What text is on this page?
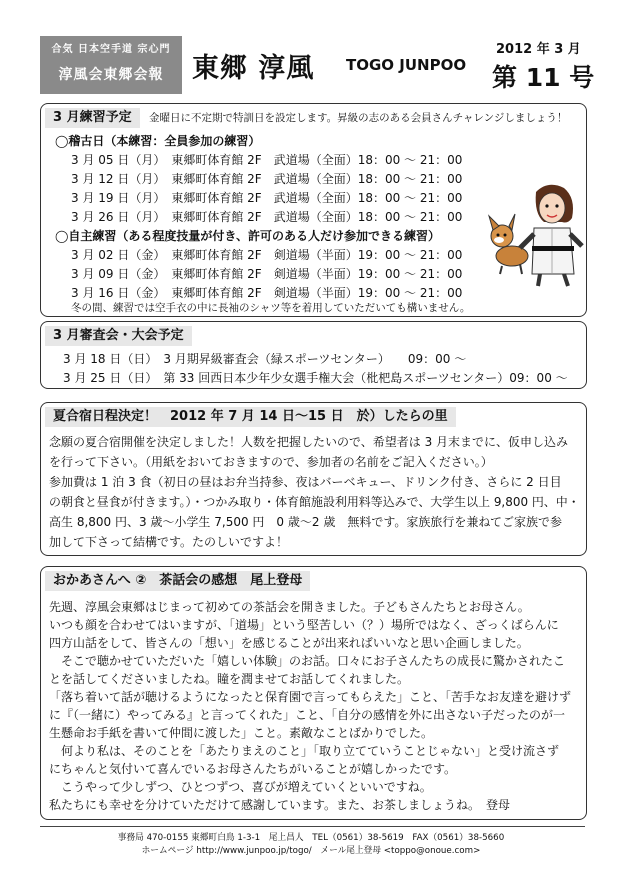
合気 日本空手道 宗心門
淳風会東郷会報	東郷 淳風 TOGO JUNPOO
2012 年 3 月
第 11 号
3 月練習予定	金曜日に不定期で特訓日を設定します。昇級の志のある会員さんチャレンジしましょう！
◯稽古日（本練習：全員参加の練習）
3 月 05 日（月）　東郷町体育館 2F　武道場（全面）18：00 ～ 21：00
3 月 12 日（月）　東郷町体育館 2F　武道場（全面）18：00 ～ 21：00
3 月 19 日（月）　東郷町体育館 2F　武道場（全面）18：00 ～ 21：00
3 月 26 日（月）　東郷町体育館 2F　武道場（全面）18：00 ～ 21：00
◯自主練習（ある程度技量が付き、許可のある人だけ参加できる練習）
3 月 02 日（金）　東郷町体育館 2F　剣道場（半面）19：00 ～ 21：00
3 月 09 日（金）　東郷町体育館 2F　剣道場（半面）19：00 ～ 21：00
3 月 16 日（金）　東郷町体育館 2F　剣道場（半面）19：00 ～ 21：00
冬の間、練習では空手衣の中に長袖のシャツ等を着用していただいても構いません。
3 月審査会・大会予定
3 月 18 日（日）　3 月期昇級審査会（緑スポーツセンター）　　09：00 ～
3 月 25 日（日）　第 33 回西日本少年少女選手権大会（枇杷島スポーツセンター）09：00 ～
夏合宿日程決定！　2012 年 7 月 14 日～15 日　於）したらの里
念願の夏合宿開催を決定しました！人数を把握したいので、希望者は 3 月末までに、仮申し込み
を行って下さい。（用紙をおいておきますので、参加者の名前をご記入ください。）
参加費は 1 泊 3 食（初日の昼はお弁当持参、夜はバーベキュー、ドリンク付き、さらに 2 日目
の朝食と昼食が付きます。）・つかみ取り・体育館施設利用料等込みで、大学生以上 9,800 円、中・
高生 8,800 円、3 歳～小学生 7,500 円　0 歳～2 歳　無料です。家族旅行を兼ねてご家族で参
加して下さって結構です。たのしいですよ！
おかあさんへ ②　茶話会の感想　尾上登母
先週、淳風会東郷はじまって初めての茶話会を開きました。子どもさんたちとお母さん。
いつも顔を合わせてはいますが、「道場」という堅苦しい（？）場所ではなく、ざっくばらんに
四方山話をして、皆さんの「想い」を感じることが出来ればいいなと思い企画しました。
　そこで聴かせていただいた「嬉しい体験」のお話。口々にお子さんたちの成長に驚かされたこ
とを話してくださいましたね。瞳を潤ませてお話してくれました。
「落ち着いて話が聴けるようになったと保育園で言ってもらえた」こと、「苦手なお友達を避けず
に『（一緒に）やってみる』と言ってくれた」こと、「自分の感情を外に出さない子だったのが一
生懸命お手紙を書いて仲間に渡した」こと。素敵なことばかりでした。
　何より私は、そのことを「あたりまえのこと」「取り立てていうことじゃない」と受け流さず
にちゃんと気付いて喜んでいるお母さんたちがいることが嬉しかったです。
　こうやって少しずつ、ひとつずつ、喜びが増えていくといいですね。
私たちにも幸せを分けていただけて感謝しています。また、お茶しましょうね。　登母
事務局 470-0155 東郷町白鳥 1-3-1　尾上昌人　TEL（0561）38-5619　FAX（0561）38-5660
ホームページ http://www.junpoo.jp/togo/　メール尾上登母 <toppo@onoue.com>
